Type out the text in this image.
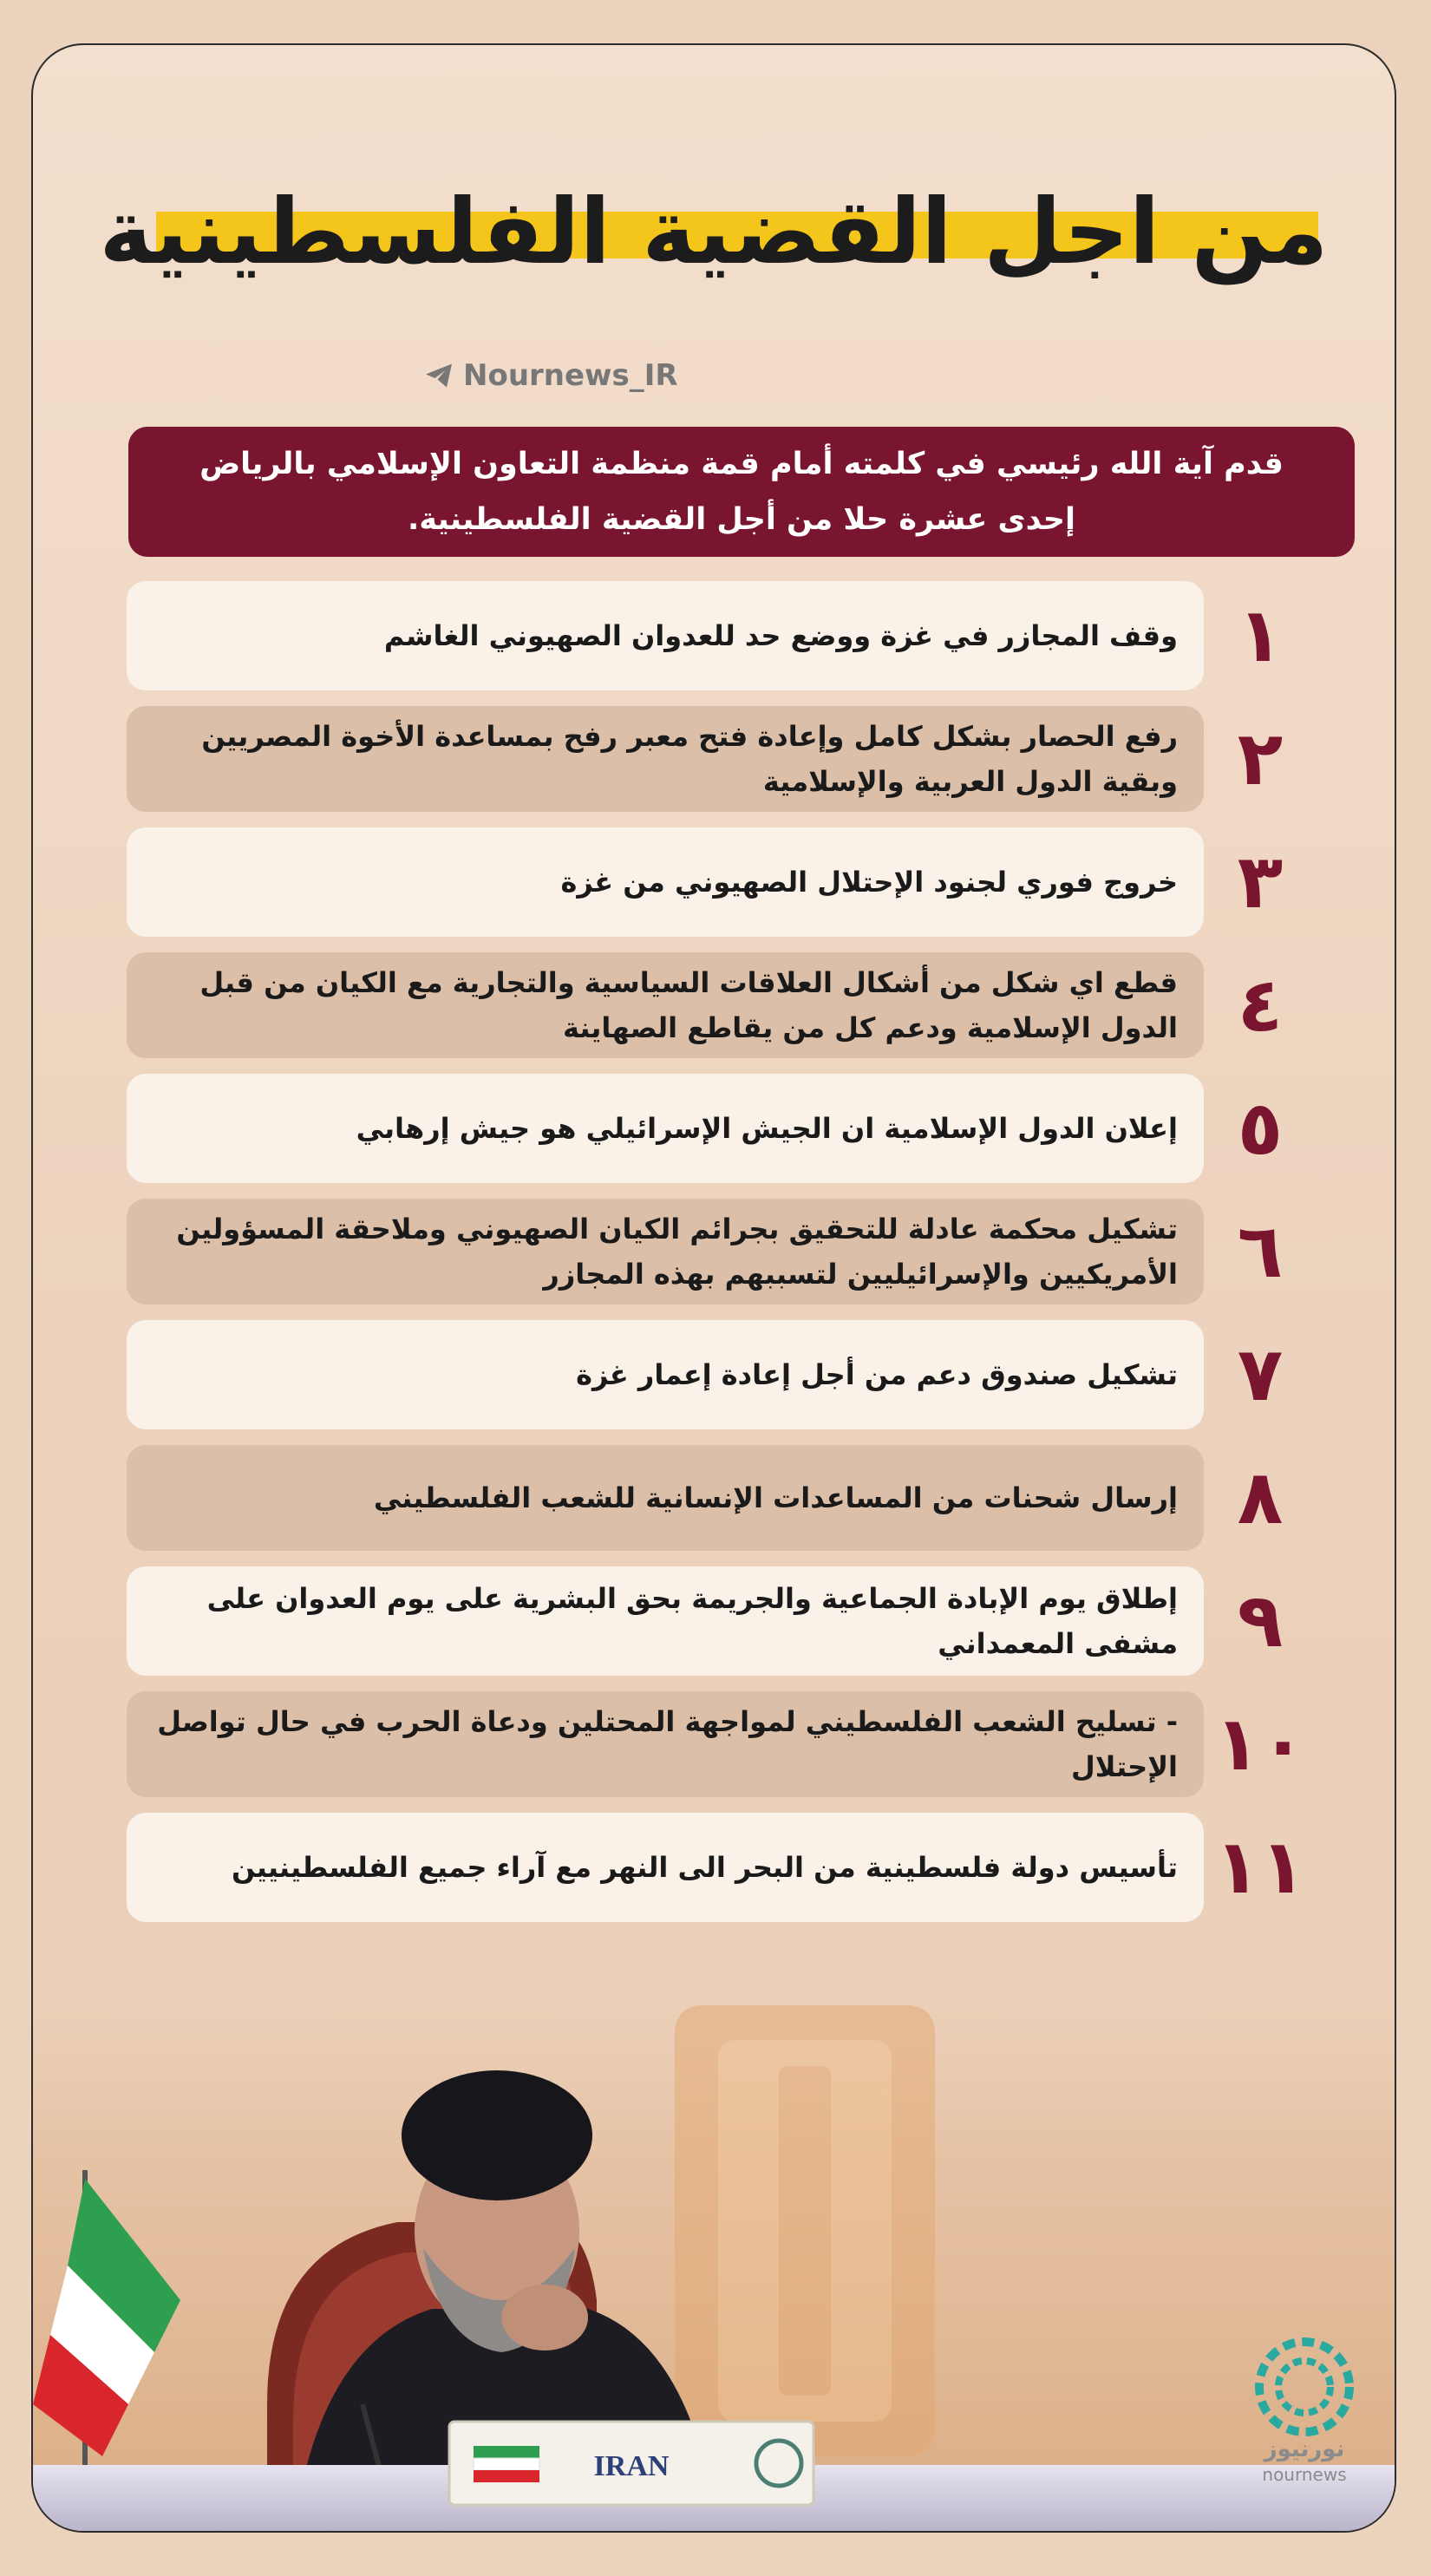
من اجل القضية الفلسطينية
Nournews_IR
قدم آية الله رئيسي في كلمته أمام قمة منظمة التعاون الإسلامي بالرياض إحدى عشرة حلا من أجل القضية الفلسطينية.
وقف المجازر في غزة ووضع حد للعدوان الصهيوني الغاشم ١
رفع الحصار بشكل كامل وإعادة فتح معبر رفح بمساعدة الأخوة المصريين وبقية الدول العربية والإسلامية ٢
خروج فوري لجنود الإحتلال الصهيوني من غزة ٣
قطع اي شكل من أشكال العلاقات السياسية والتجارية مع الكيان من قبل الدول الإسلامية ودعم كل من يقاطع الصهاينة ٤
إعلان الدول الإسلامية ان الجيش الإسرائيلي هو جيش إرهابي ٥
تشكيل محكمة عادلة للتحقيق بجرائم الكيان الصهيوني وملاحقة المسؤولين الأمريكيين والإسرائيليين لتسببهم بهذه المجازر ٦
تشكيل صندوق دعم من أجل إعادة إعمار غزة ٧
إرسال شحنات من المساعدات الإنسانية للشعب الفلسطيني ٨
إطلاق يوم الإبادة الجماعية والجريمة بحق البشرية على يوم العدوان على مشفى المعمداني ٩
- تسليح الشعب الفلسطيني لمواجهة المحتلين ودعاة الحرب في حال تواصل الإحتلال ١٠
تأسيس دولة فلسطينية من البحر الى النهر مع آراء جميع الفلسطينيين ١١
IRAN
نورنیوز
nournews
